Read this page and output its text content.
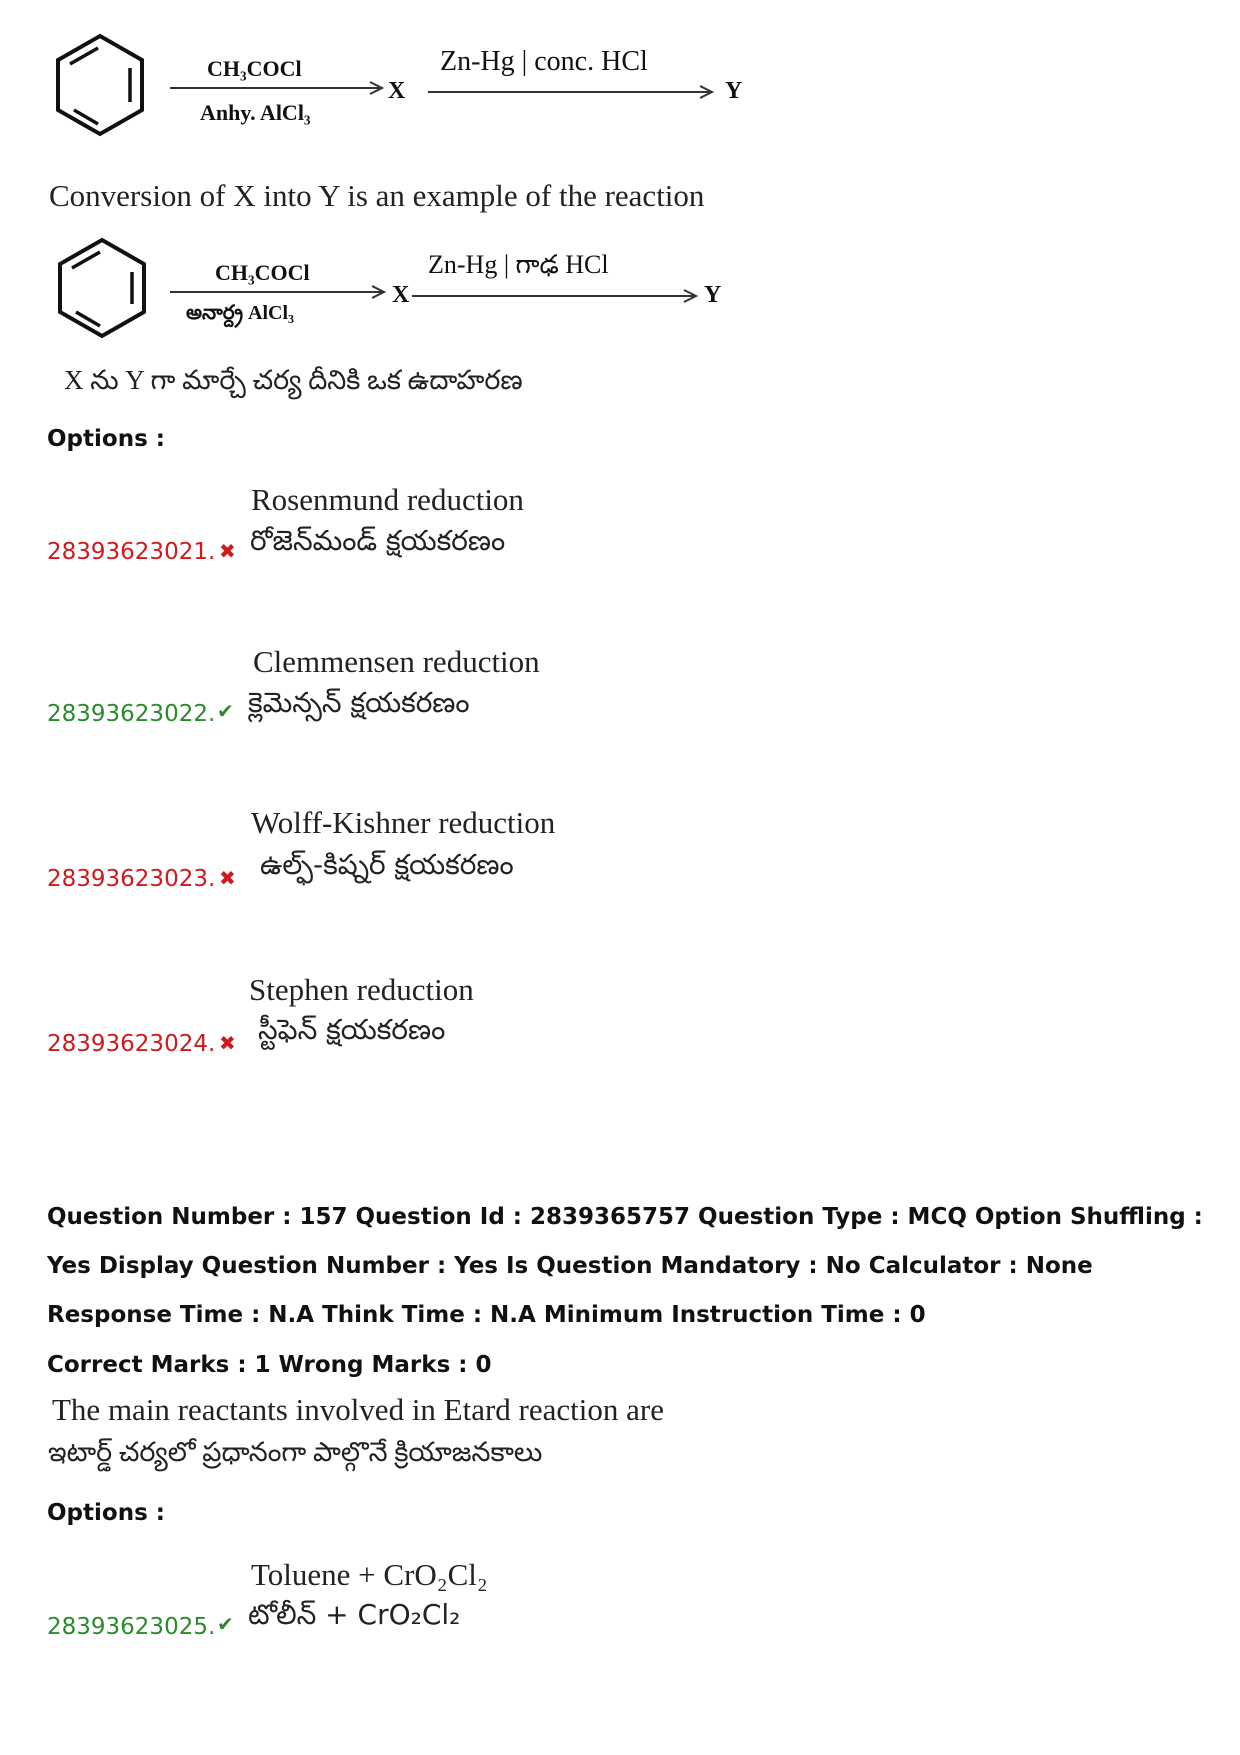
CH₃COCl
Anhy. AlCl₃
X
Zn-Hg | conc. HCl
Y
Conversion of X into Y is an example of the reaction
CH₃COCl
అనార్ద్ర AlCl₃
X
Zn-Hg | గాఢ HCl
Y
X ను Y గా మార్చే చర్య దీనికి ఒక ఉదాహరణ
Options :
Rosenmund reduction
రోజెన్‌మండ్ క్షయకరణం
28393623021. ✖
Clemmensen reduction
క్లెమెన్సన్ క్షయకరణం
28393623022. ✔
Wolff-Kishner reduction
ఉల్ఫ్-కిష్నర్ క్షయకరణం
28393623023. ✖
Stephen reduction
స్టీఫెన్ క్షయకరణం
28393623024. ✖
Question Number : 157 Question Id : 2839365757 Question Type : MCQ Option Shuffling : Yes Display Question Number : Yes Is Question Mandatory : No Calculator : None Response Time : N.A Think Time : N.A Minimum Instruction Time : 0
Correct Marks : 1 Wrong Marks : 0
The main reactants involved in Etard reaction are
ఇటార్డ్ చర్యలో ప్రధానంగా పాల్గొనే క్రియాజనకాలు
Options :
Toluene + CrO₂Cl₂
టోలీన్ + CrO₂Cl₂
28393623025. ✔
